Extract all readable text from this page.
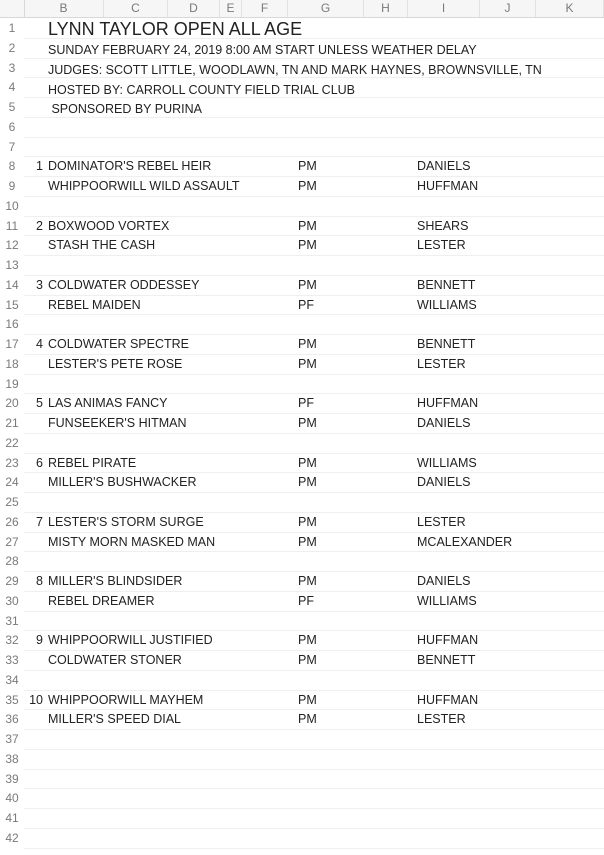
B	C	D	E	F	G	H	I	J	K
1
2
3
4
5
6
7
8
9
10
11
12
13
14
15
16
17
18
19
20
21
22
23
24
25
26
27
28
29
30
31
32
33
34
35
36
37
38
39
40
41
42
LYNN TAYLOR OPEN ALL AGE
SUNDAY FEBRUARY 24, 2019 8:00 AM START UNLESS WEATHER DELAY
JUDGES: SCOTT LITTLE, WOODLAWN, TN AND MARK HAYNES, BROWNSVILLE, TN
HOSTED BY: CARROLL COUNTY FIELD TRIAL CLUB
SPONSORED BY PURINA
1 DOMINATOR'S REBEL HEIR	PM	DANIELS
WHIPPOORWILL WILD ASSAULT	PM	HUFFMAN
2 BOXWOOD VORTEX	PM	SHEARS
STASH THE CASH	PM	LESTER
3 COLDWATER ODDESSEY	PM	BENNETT
REBEL MAIDEN	PF	WILLIAMS
4 COLDWATER SPECTRE	PM	BENNETT
LESTER'S PETE ROSE	PM	LESTER
5 LAS ANIMAS FANCY	PF	HUFFMAN
FUNSEEKER'S HITMAN	PM	DANIELS
6 REBEL PIRATE	PM	WILLIAMS
MILLER'S BUSHWACKER	PM	DANIELS
7 LESTER'S STORM SURGE	PM	LESTER
MISTY MORN MASKED MAN	PM	MCALEXANDER
8 MILLER'S BLINDSIDER	PM	DANIELS
REBEL DREAMER	PF	WILLIAMS
9 WHIPPOORWILL JUSTIFIED	PM	HUFFMAN
COLDWATER STONER	PM	BENNETT
10 WHIPPOORWILL MAYHEM	PM	HUFFMAN
MILLER'S SPEED DIAL	PM	LESTER
